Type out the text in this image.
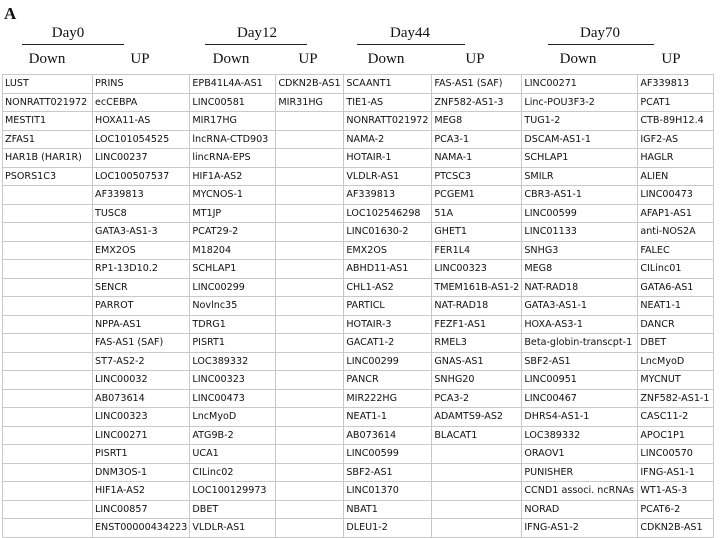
A
Day0	Day12	Day44	Day70
Down	UP	Down	UP	Down	UP	Down	UP
LUST	PRINS	EPB41L4A-AS1	CDKN2B-AS1	SCAANT1	FAS-AS1 (SAF)	LINC00271	AF339813
NONRATT021972	ecCEBPA	LINC00581	MIR31HG	TIE1-AS	ZNF582-AS1-3	Linc-POU3F3-2	PCAT1
MESTIT1	HOXA11-AS	MIR17HG		NONRATT021972	MEG8	TUG1-2	CTB-89H12.4
ZFAS1	LOC101054525	lncRNA-CTD903		NAMA-2	PCA3-1	DSCAM-AS1-1	IGF2-AS
HAR1B (HAR1R)	LINC00237	lincRNA-EPS		HOTAIR-1	NAMA-1	SCHLAP1	HAGLR
PSORS1C3	LOC100507537	HIF1A-AS2		VLDLR-AS1	PTCSC3	SMILR	ALIEN
	AF339813	MYCNOS-1		AF339813	PCGEM1	CBR3-AS1-1	LINC00473
	TUSC8	MT1JP		LOC102546298	51A	LINC00599	AFAP1-AS1
	GATA3-AS1-3	PCAT29-2		LINC01630-2	GHET1	LINC01133	anti-NOS2A
	EMX2OS	M18204		EMX2OS	FER1L4	SNHG3	FALEC
	RP1-13D10.2	SCHLAP1		ABHD11-AS1	LINC00323	MEG8	CILinc01
	SENCR	LINC00299		CHL1-AS2	TMEM161B-AS1-2	NAT-RAD18	GATA6-AS1
	PARROT	Novlnc35		PARTICL	NAT-RAD18	GATA3-AS1-1	NEAT1-1
	NPPA-AS1	TDRG1		HOTAIR-3	FEZF1-AS1	HOXA-AS3-1	DANCR
	FAS-AS1 (SAF)	PISRT1		GACAT1-2	RMEL3	Beta-globin-transcpt-1	DBET
	ST7-AS2-2	LOC389332		LINC00299	GNAS-AS1	SBF2-AS1	LncMyoD
	LINC00032	LINC00323		PANCR	SNHG20	LINC00951	MYCNUT
	AB073614	LINC00473		MIR222HG	PCA3-2	LINC00467	ZNF582-AS1-1
	LINC00323	LncMyoD		NEAT1-1	ADAMTS9-AS2	DHRS4-AS1-1	CASC11-2
	LINC00271	ATG9B-2		AB073614	BLACAT1	LOC389332	APOC1P1
	PISRT1	UCA1		LINC00599		ORAOV1	LINC00570
	DNM3OS-1	CILinc02		SBF2-AS1		PUNISHER	IFNG-AS1-1
	HIF1A-AS2	LOC100129973		LINC01370		CCND1 associ. ncRNAs	WT1-AS-3
	LINC00857	DBET		NBAT1		NORAD	PCAT6-2
	ENST00000434223	VLDLR-AS1		DLEU1-2		IFNG-AS1-2	CDKN2B-AS1
